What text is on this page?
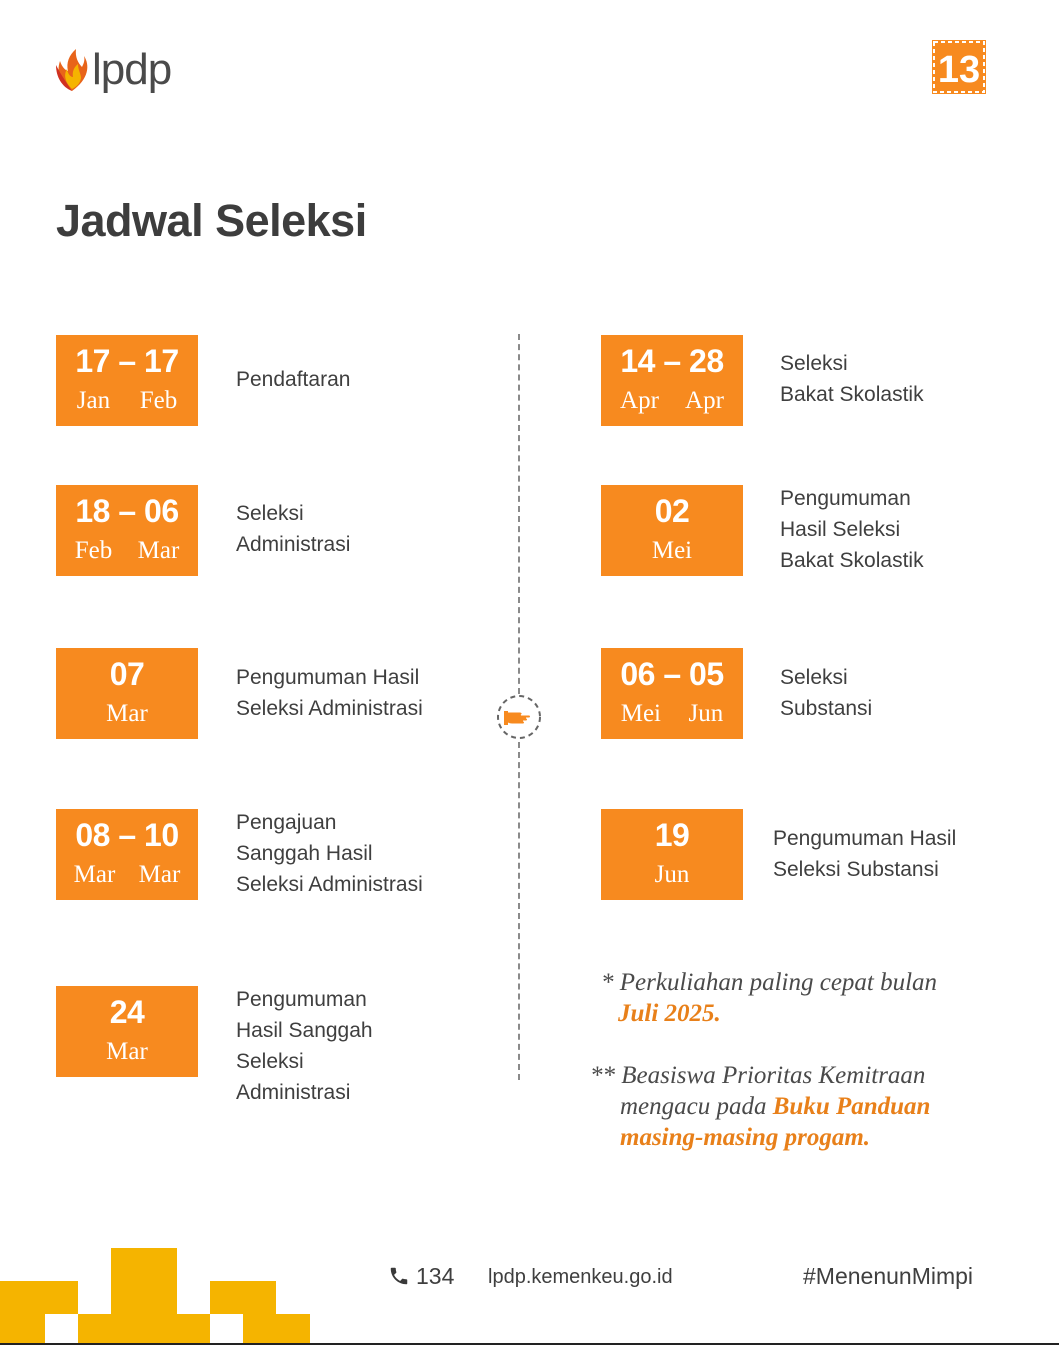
lpdp	13
Jadwal Seleksi
17 – 17
Jan Feb
Pendaftaran
18 – 06
Feb Mar
Seleksi
Administrasi
07
Mar
Pengumuman Hasil
Seleksi Administrasi
08 – 10
Mar Mar
Pengajuan
Sanggah Hasil
Seleksi Administrasi
24
Mar
Pengumuman
Hasil Sanggah
Seleksi
Administrasi
14 – 28
Apr Apr
Seleksi
Bakat Skolastik
02
Mei
Pengumuman
Hasil Seleksi
Bakat Skolastik
06 – 05
Mei Jun
Seleksi
Substansi
19
Jun
Pengumuman Hasil
Seleksi Substansi
* Perkuliahan paling cepat bulan
Juli 2025.
** Beasiswa Prioritas Kemitraan
mengacu pada Buku Panduan
masing-masing progam.
134 lpdp.kemenkeu.go.id	#MenenunMimpi
